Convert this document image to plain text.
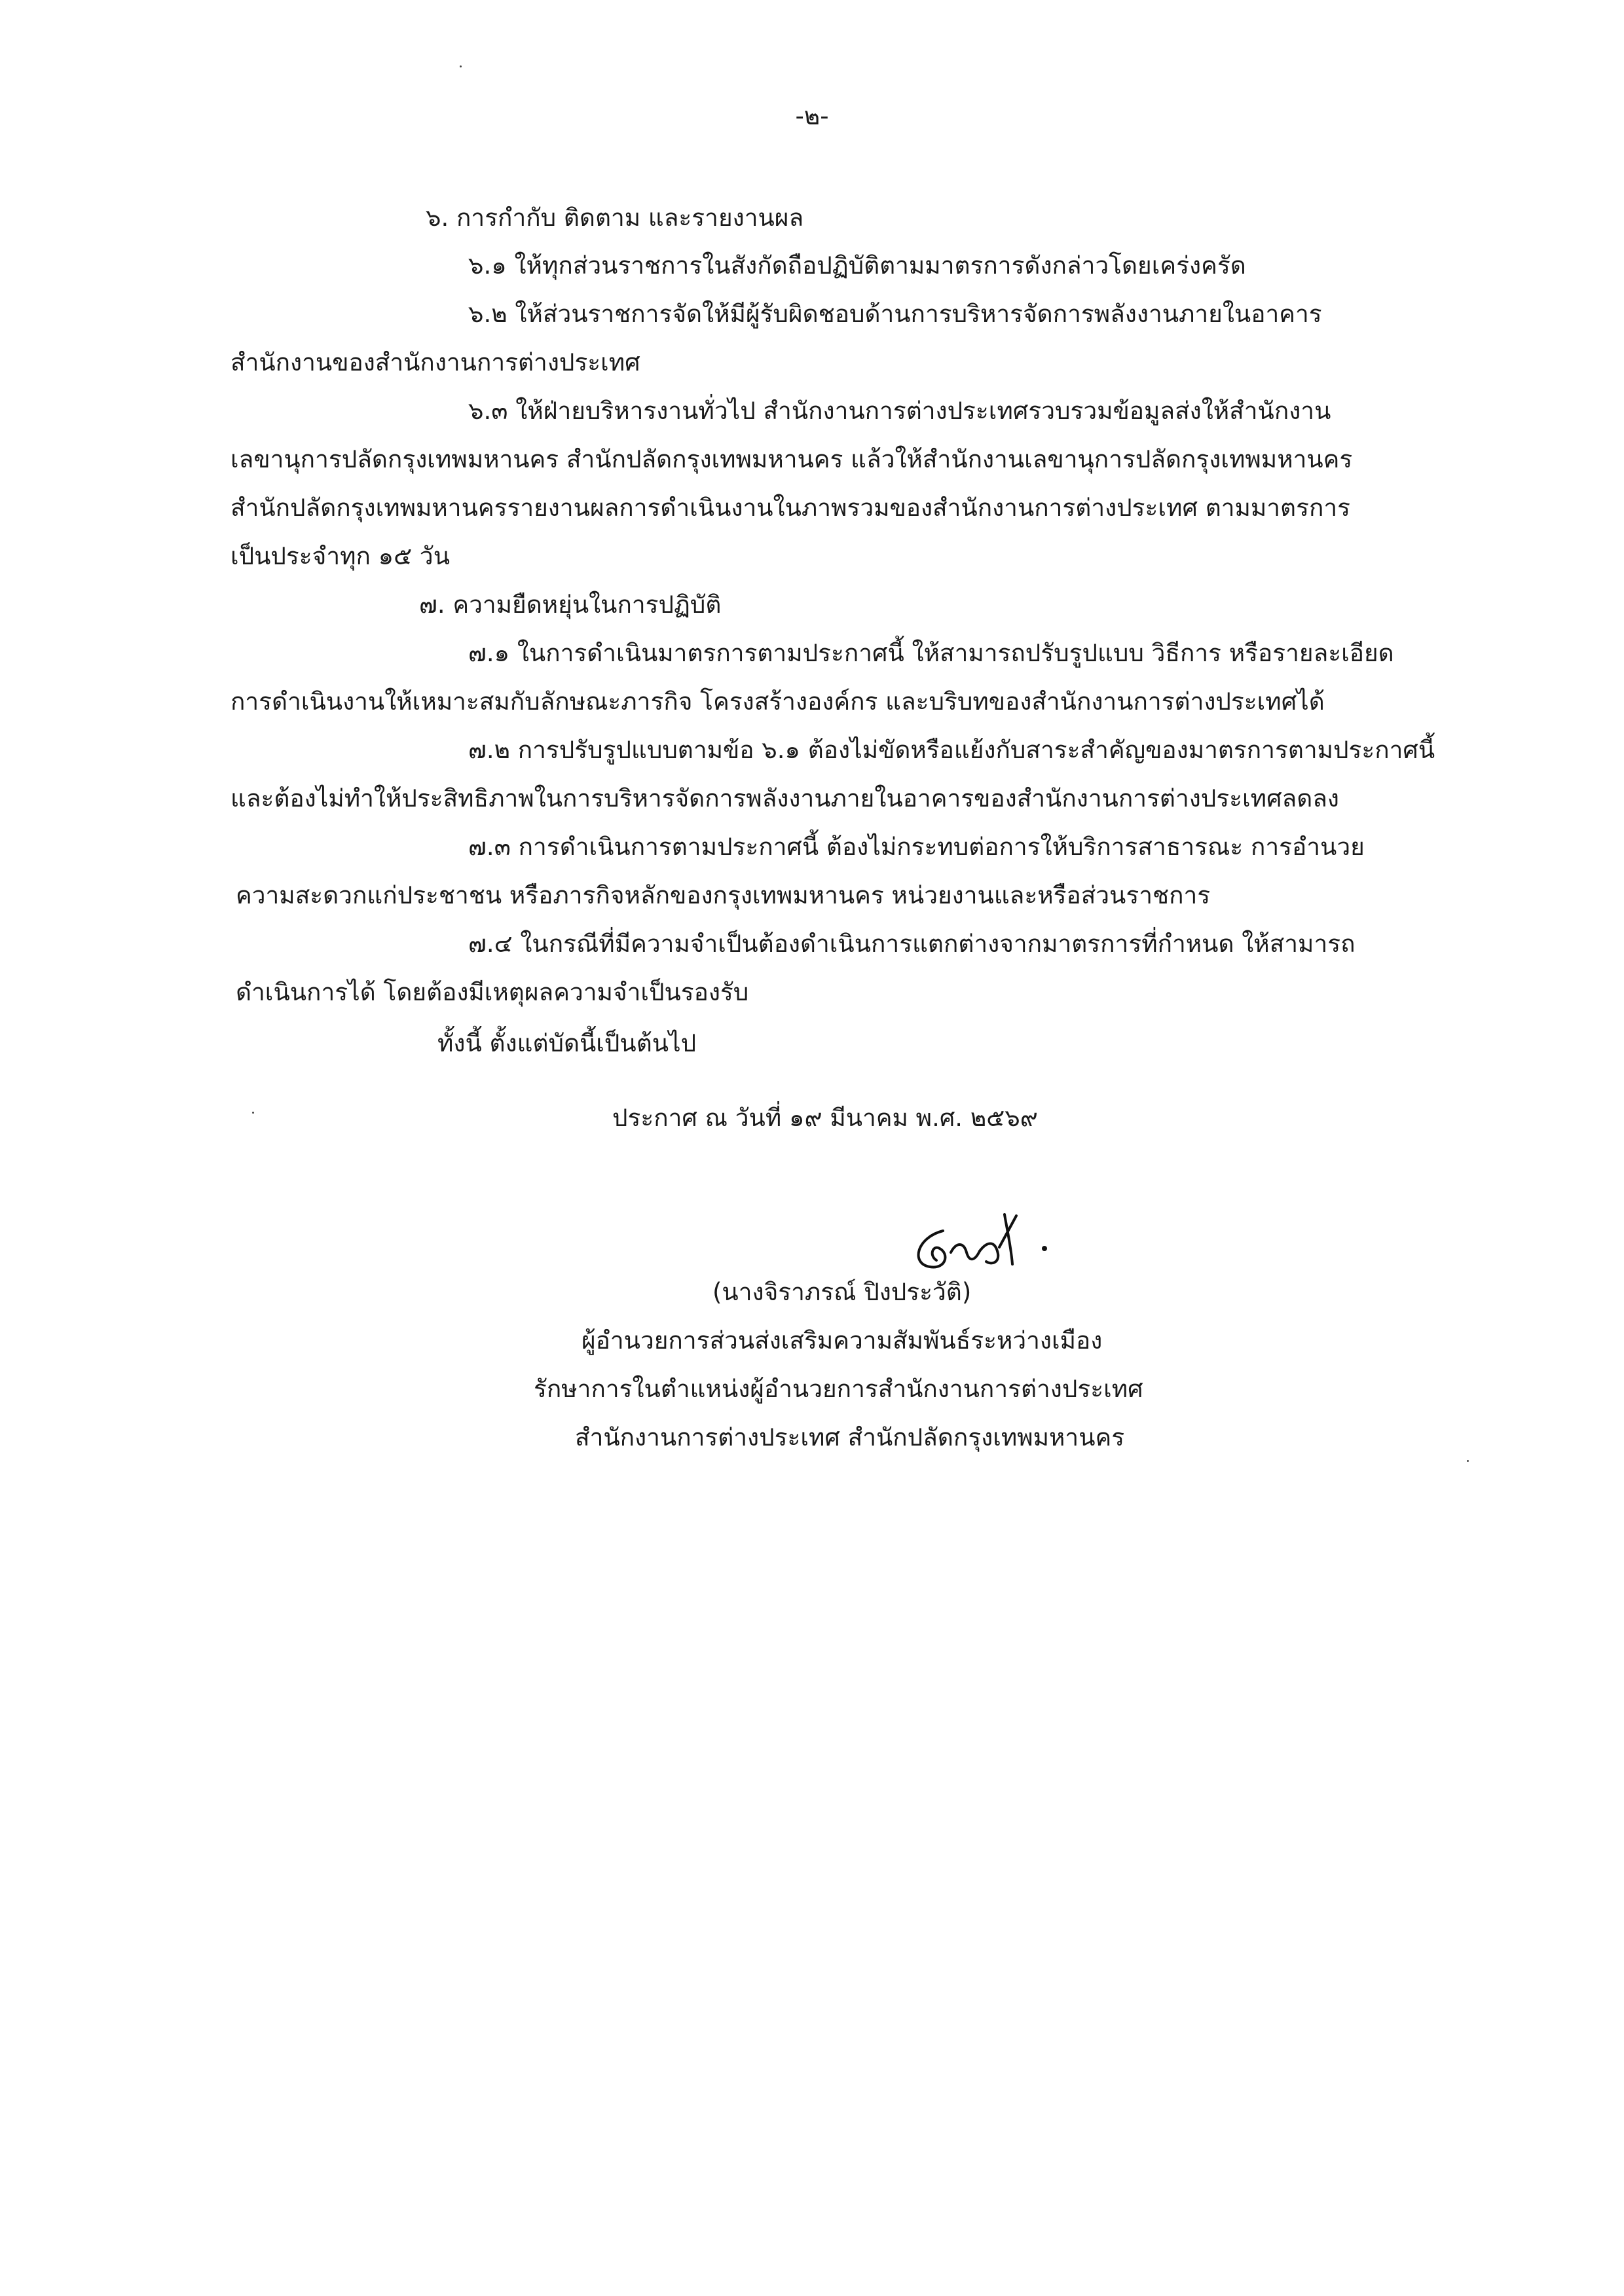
-๒-
๖. การกำกับ ติดตาม และรายงานผล
๖.๑ ให้ทุกส่วนราชการในสังกัดถือปฏิบัติตามมาตรการดังกล่าวโดยเคร่งครัด
๖.๒ ให้ส่วนราชการจัดให้มีผู้รับผิดชอบด้านการบริหารจัดการพลังงานภายในอาคาร
สำนักงานของสำนักงานการต่างประเทศ
๖.๓ ให้ฝ่ายบริหารงานทั่วไป สำนักงานการต่างประเทศรวบรวมข้อมูลส่งให้สำนักงาน
เลขานุการปลัดกรุงเทพมหานคร สำนักปลัดกรุงเทพมหานคร แล้วให้สำนักงานเลขานุการปลัดกรุงเทพมหานคร
สำนักปลัดกรุงเทพมหานครรายงานผลการดำเนินงานในภาพรวมของสำนักงานการต่างประเทศ ตามมาตรการ
เป็นประจำทุก ๑๕ วัน
๗. ความยืดหยุ่นในการปฏิบัติ
๗.๑ ในการดำเนินมาตรการตามประกาศนี้ ให้สามารถปรับรูปแบบ วิธีการ หรือรายละเอียด
การดำเนินงานให้เหมาะสมกับลักษณะภารกิจ โครงสร้างองค์กร และบริบทของสำนักงานการต่างประเทศได้
๗.๒ การปรับรูปแบบตามข้อ ๖.๑ ต้องไม่ขัดหรือแย้งกับสาระสำคัญของมาตรการตามประกาศนี้
และต้องไม่ทำให้ประสิทธิภาพในการบริหารจัดการพลังงานภายในอาคารของสำนักงานการต่างประเทศลดลง
๗.๓ การดำเนินการตามประกาศนี้ ต้องไม่กระทบต่อการให้บริการสาธารณะ การอำนวย
ความสะดวกแก่ประชาชน หรือภารกิจหลักของกรุงเทพมหานคร หน่วยงานและหรือส่วนราชการ
๗.๔ ในกรณีที่มีความจำเป็นต้องดำเนินการแตกต่างจากมาตรการที่กำหนด ให้สามารถ
ดำเนินการได้ โดยต้องมีเหตุผลความจำเป็นรองรับ
ทั้งนี้ ตั้งแต่บัดนี้เป็นต้นไป
ประกาศ ณ วันที่ ๑๙ มีนาคม พ.ศ. ๒๕๖๙
(นางจิราภรณ์ ปิงประวัติ)
ผู้อำนวยการส่วนส่งเสริมความสัมพันธ์ระหว่างเมือง
รักษาการในตำแหน่งผู้อำนวยการสำนักงานการต่างประเทศ
สำนักงานการต่างประเทศ สำนักปลัดกรุงเทพมหานคร
